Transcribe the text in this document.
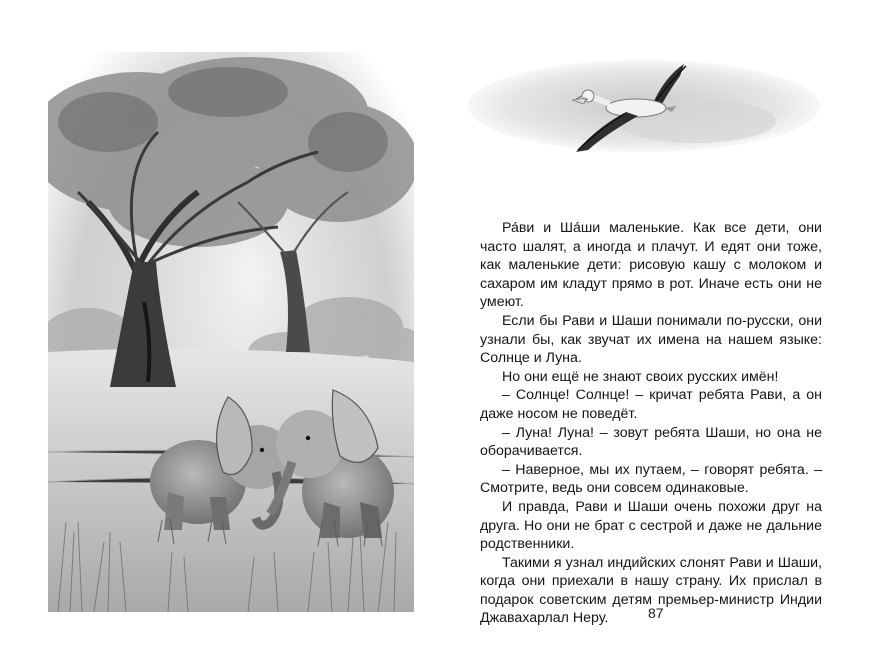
Ра́ви и Ша́ши маленькие. Как все дети, они часто шалят, а иногда и плачут. И едят они тоже, как маленькие дети: рисовую кашу с молоком и сахаром им кладут прямо в рот. Иначе есть они не умеют.

Если бы Рави и Шаши понимали по-русски, они узнали бы, как звучат их имена на нашем языке: Солнце и Луна.

Но они ещё не знают своих русских имён!

– Солнце! Солнце! – кричат ребята Рави, а он даже носом не поведёт.

– Луна! Луна! – зовут ребята Шаши, но она не оборачивается.

– Наверное, мы их путаем, – говорят ребята. – Смотрите, ведь они совсем одинаковые.

И правда, Рави и Шаши очень похожи друг на друга. Но они не брат с сестрой и даже не дальние родственники.

Такими я узнал индийских слонят Рави и Шаши, когда они приехали в нашу страну. Их прислал в подарок советским детям премьер-министр Индии Джавахарлал Неру.	87
